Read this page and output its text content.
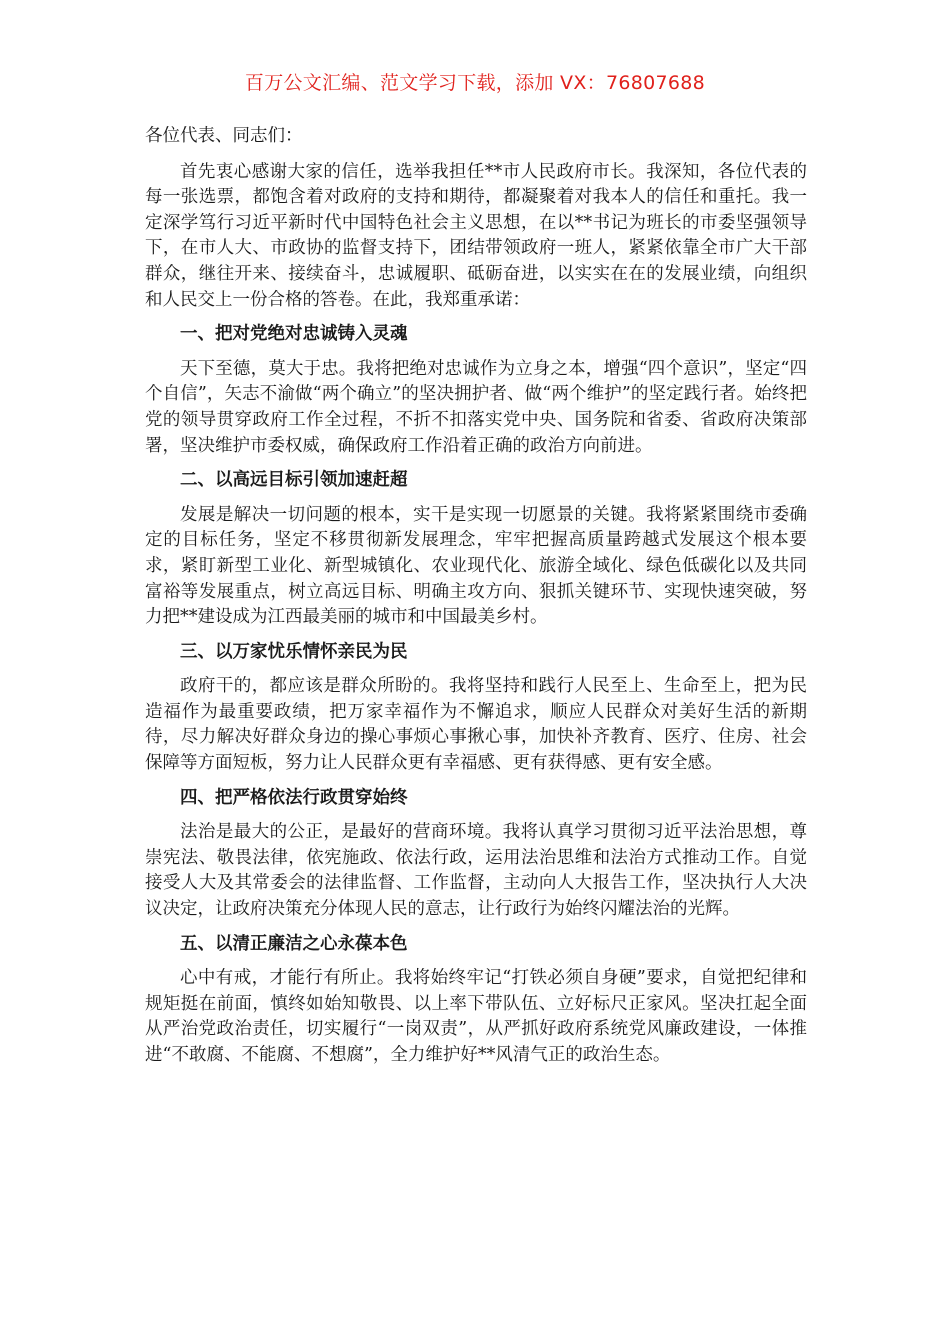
百万公文汇编、范文学习下载，添加 VX：76807688

各位代表、同志们：

首先衷心感谢大家的信任，选举我担任**市人民政府市长。我深知，各位代表的每一张选票，都饱含着对政府的支持和期待，都凝聚着对我本人的信任和重托。我一定深学笃行习近平新时代中国特色社会主义思想，在以**书记为班长的市委坚强领导下，在市人大、市政协的监督支持下，团结带领政府一班人，紧紧依靠全市广大干部群众，继往开来、接续奋斗，忠诚履职、砥砺奋进，以实实在在的发展业绩，向组织和人民交上一份合格的答卷。在此，我郑重承诺：

一、把对党绝对忠诚铸入灵魂

天下至德，莫大于忠。我将把绝对忠诚作为立身之本，增强“四个意识”，坚定“四个自信”，矢志不渝做“两个确立”的坚决拥护者、做“两个维护”的坚定践行者。始终把党的领导贯穿政府工作全过程，不折不扣落实党中央、国务院和省委、省政府决策部署，坚决维护市委权威，确保政府工作沿着正确的政治方向前进。

二、以高远目标引领加速赶超

发展是解决一切问题的根本，实干是实现一切愿景的关键。我将紧紧围绕市委确定的目标任务，坚定不移贯彻新发展理念，牢牢把握高质量跨越式发展这个根本要求，紧盯新型工业化、新型城镇化、农业现代化、旅游全域化、绿色低碳化以及共同富裕等发展重点，树立高远目标、明确主攻方向、狠抓关键环节、实现快速突破，努力把**建设成为江西最美丽的城市和中国最美乡村。

三、以万家忧乐情怀亲民为民

政府干的，都应该是群众所盼的。我将坚持和践行人民至上、生命至上，把为民造福作为最重要政绩，把万家幸福作为不懈追求，顺应人民群众对美好生活的新期待，尽力解决好群众身边的操心事烦心事揪心事，加快补齐教育、医疗、住房、社会保障等方面短板，努力让人民群众更有幸福感、更有获得感、更有安全感。

四、把严格依法行政贯穿始终

法治是最大的公正，是最好的营商环境。我将认真学习贯彻习近平法治思想，尊崇宪法、敬畏法律，依宪施政、依法行政，运用法治思维和法治方式推动工作。自觉接受人大及其常委会的法律监督、工作监督，主动向人大报告工作，坚决执行人大决议决定，让政府决策充分体现人民的意志，让行政行为始终闪耀法治的光辉。

五、以清正廉洁之心永葆本色

心中有戒，才能行有所止。我将始终牢记“打铁必须自身硬”要求，自觉把纪律和规矩挺在前面，慎终如始知敬畏、以上率下带队伍、立好标尺正家风。坚决扛起全面从严治党政治责任，切实履行“一岗双责”，从严抓好政府系统党风廉政建设，一体推进“不敢腐、不能腐、不想腐”，全力维护好**风清气正的政治生态。
